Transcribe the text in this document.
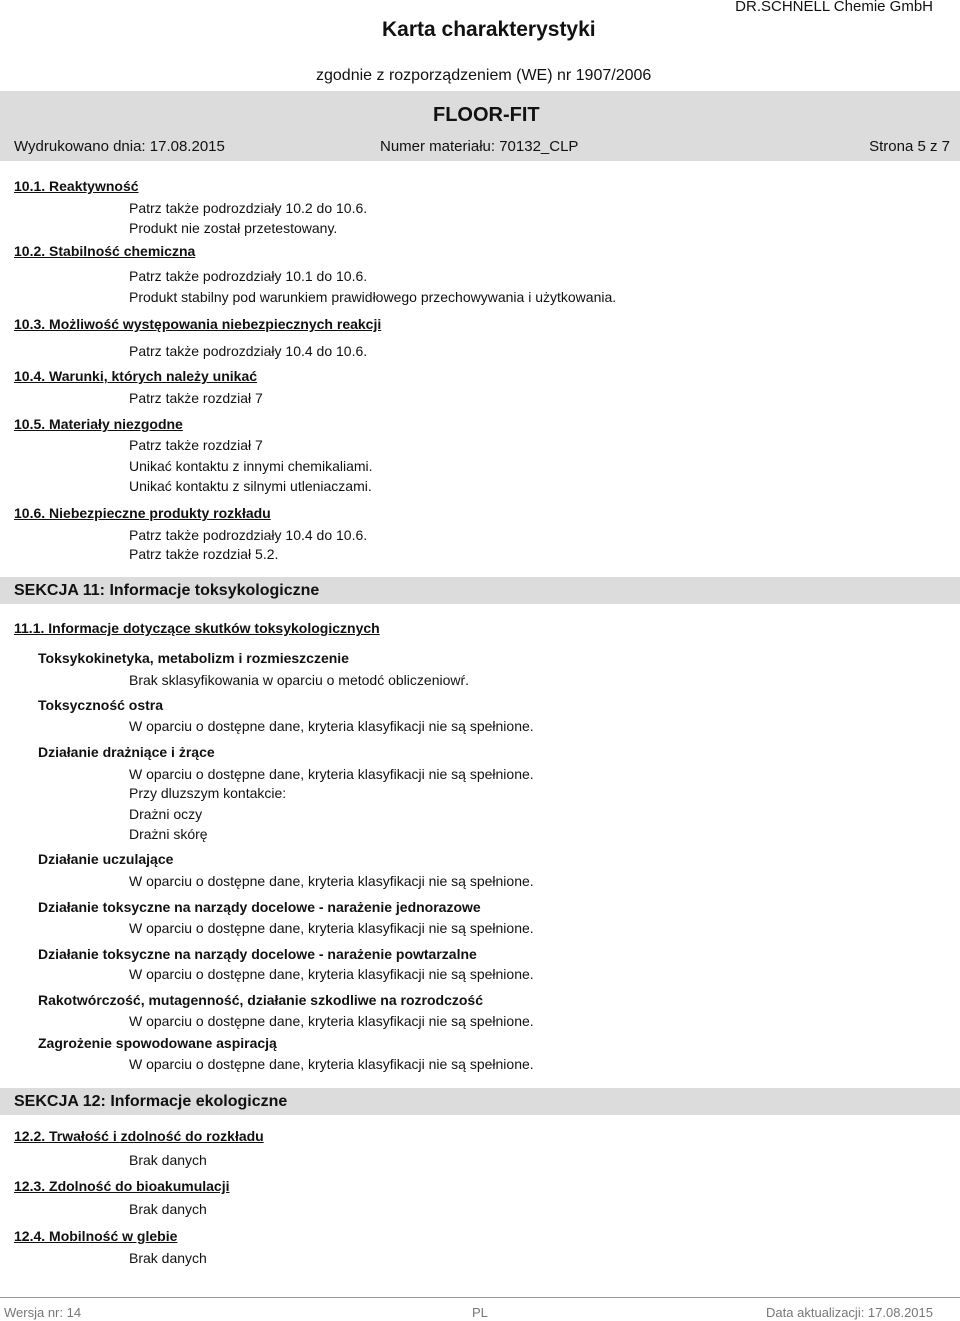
Karta charakterystyki
DR.SCHNELL Chemie GmbH
zgodnie z rozporządzeniem (WE) nr 1907/2006
FLOOR-FIT
Wydrukowano dnia: 17.08.2015	Numer materiału: 70132_CLP	Strona 5 z 7
10.1. Reaktywność
Patrz także podrozdziały 10.2 do 10.6.
Produkt nie został przetestowany.
10.2. Stabilność chemiczna
Patrz także podrozdziały 10.1 do 10.6.
Produkt stabilny pod warunkiem prawidłowego przechowywania i użytkowania.
10.3. Możliwość występowania niebezpiecznych reakcji
Patrz także podrozdziały 10.4 do 10.6.
10.4. Warunki, których należy unikać
Patrz także rozdział 7
10.5. Materiały niezgodne
Patrz także rozdział 7
Unikać kontaktu z innymi chemikaliami.
Unikać kontaktu z silnymi utleniaczami.
10.6. Niebezpieczne produkty rozkładu
Patrz także podrozdziały 10.4 do 10.6.
Patrz także rozdział 5.2.
SEKCJA 11: Informacje toksykologiczne
11.1. Informacje dotyczące skutków toksykologicznych
Toksykokinetyka, metabolizm i rozmieszczenie
Brak sklasyfikowania w oparciu o metodć obliczeniowŕ.
Toksyczność ostra
W oparciu o dostępne dane, kryteria klasyfikacji nie są spełnione.
Działanie drażniące i żrące
W oparciu o dostępne dane, kryteria klasyfikacji nie są spełnione.
Przy dluzszym kontakcie:
Drażni oczy
Drażni skórę
Działanie uczulające
W oparciu o dostępne dane, kryteria klasyfikacji nie są spełnione.
Działanie toksyczne na narządy docelowe - narażenie jednorazowe
W oparciu o dostępne dane, kryteria klasyfikacji nie są spełnione.
Działanie toksyczne na narządy docelowe - narażenie powtarzalne
W oparciu o dostępne dane, kryteria klasyfikacji nie są spełnione.
Rakotwórczość, mutagenność, działanie szkodliwe na rozrodczość
W oparciu o dostępne dane, kryteria klasyfikacji nie są spełnione.
Zagrożenie spowodowane aspiracją
W oparciu o dostępne dane, kryteria klasyfikacji nie są spełnione.
SEKCJA 12: Informacje ekologiczne
12.2. Trwałość i zdolność do rozkładu
Brak danych
12.3. Zdolność do bioakumulacji
Brak danych
12.4. Mobilność w glebie
Brak danych
Wersja nr: 14	PL	Data aktualizacji: 17.08.2015
